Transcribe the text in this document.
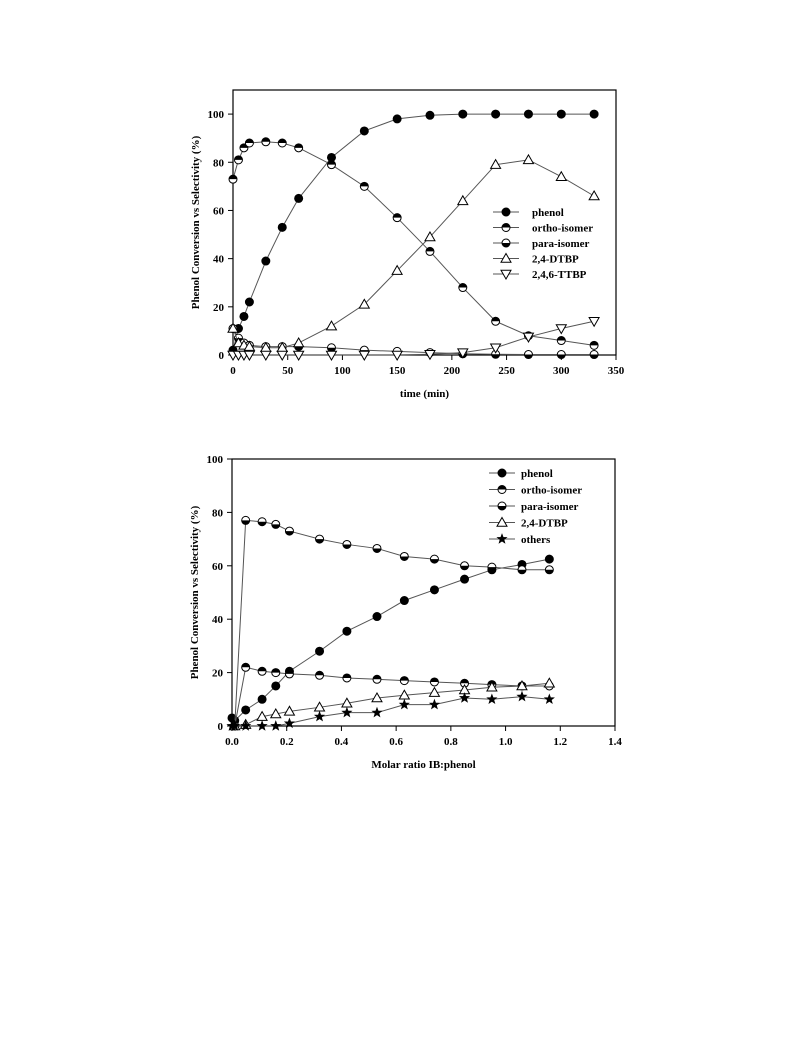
0	50	100	150	200	250	300	350
0
20
40
60
80
100
time (min)
Phenol Conversion vs Selectivity (%)	phenol
ortho-isomer
para-isomer
2,4-DTBP
2,4,6-TTBP
0.0	0.2	0.4	0.6	0.8	1.0	1.2	1.4
0
20
40
60
80
100
Molar ratio IB:phenol
Phenol Conversion vs Selectivity (%)
phenol
ortho-isomer
para-isomer
2,4-DTBP
others
